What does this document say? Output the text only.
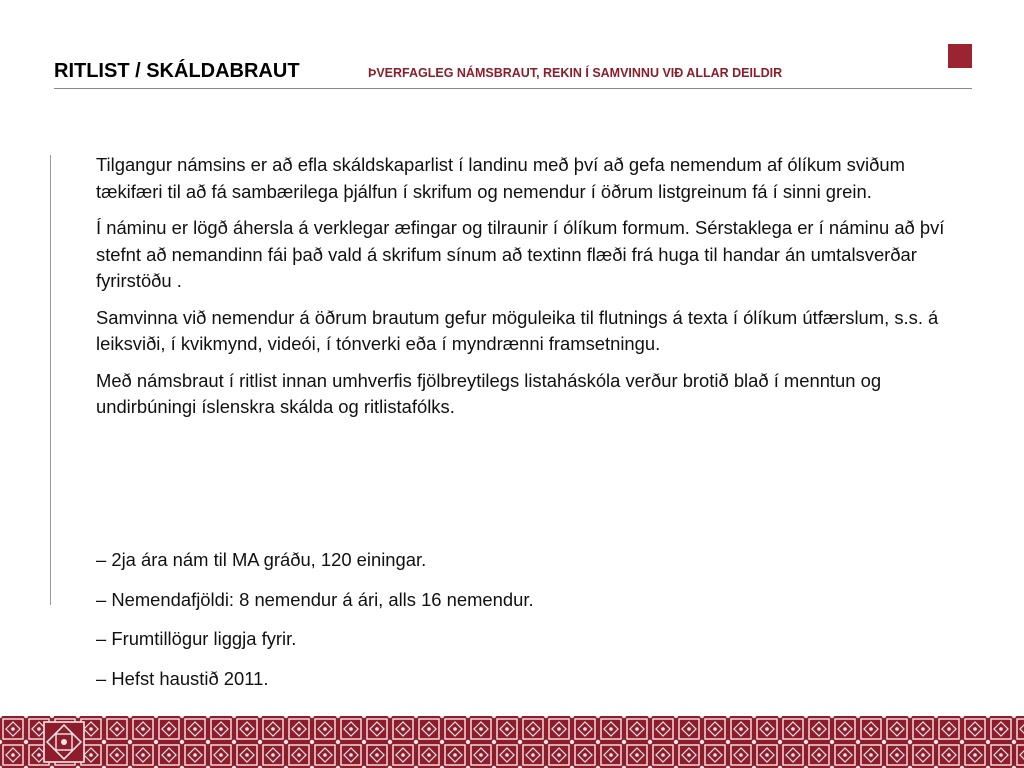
RITLIST / SKÁLDABRAUT	ÞVERFAGLEG NÁMSBRAUT, REKIN Í SAMVINNU VIÐ ALLAR DEILDIR

Tilgangur námsins er að efla skáldskaparlist í landinu með því að gefa nemendum af ólíkum sviðum tækifæri til að fá sambærilega þjálfun í skrifum og nemendur í öðrum listgreinum fá í sinni grein.

Í náminu er lögð áhersla á verklegar æfingar og tilraunir í ólíkum formum. Sérstaklega er í náminu að því stefnt að nemandinn fái það vald á skrifum sínum að textinn flæði frá huga til handar án umtalsverðar fyrirstöðu .

Samvinna við nemendur á öðrum brautum gefur möguleika til flutnings á texta í ólíkum útfærslum, s.s. á leiksviði, í kvikmynd, videói, í tónverki eða í myndrænni framsetningu.

Með námsbraut í ritlist innan umhverfis fjölbreytilegs listaháskóla verður brotið blað í menntun og undirbúningi íslenskra skálda og ritlistafólks.

– 2ja ára nám til MA gráðu, 120 einingar.
– Nemendafjöldi: 8 nemendur á ári, alls 16 nemendur.
– Frumtillögur liggja fyrir.
– Hefst haustið 2011.
